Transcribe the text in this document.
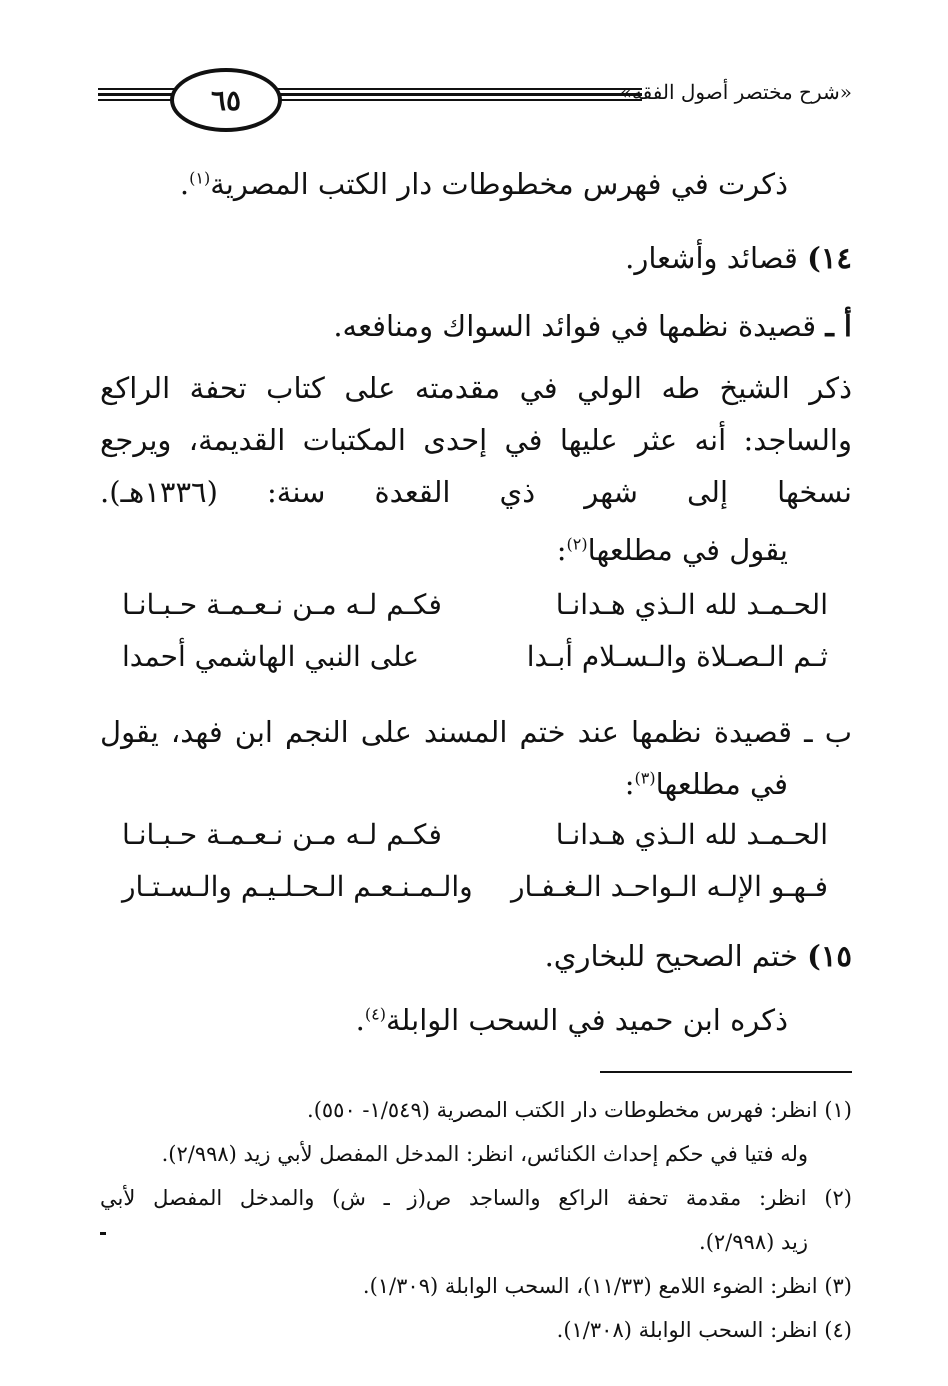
٦٥	«شرح مختصر أصول الفقه»
ذكرت في فهرس مخطوطات دار الكتب المصرية$^{(١)}$.
١٤) قصائد وأشعار.
أ ـ قصيدة نظمها في فوائد السواك ومنافعه.
ذكر الشيخ طه الولي في مقدمته على كتاب تحفة الراكع والساجد: أنه عثر عليها في إحدى المكتبات القديمة، ويرجع نسخها إلى شهر ذي القعدة سنة: (١٣٣٦هـ).
يقول في مطلعها$^{(٢)}$:
الحـمـد لله الـذي هـدانـا
فكـم لـه مـن نـعـمـة حـبـانـا
ثـم الـصـلاة والـسـلام أبـدا
على النبي الهاشمي أحمدا
ب ـ قصيدة نظمها عند ختم المسند على النجم ابن فهد، يقول
في مطلعها$^{(٣)}$:
الحـمـد لله الـذي هـدانـا
فكـم لـه مـن نـعـمـة حـبـانـا
فـهـو الإلـه الـواحـد الـغـفـار
والـمـنـعـم الـحـلـيـم والـسـتـار
١٥) ختم الصحيح للبخاري.
ذكره ابن حميد في السحب الوابلة$^{(٤)}$.
(١) انظر: فهرس مخطوطات دار الكتب المصرية (١/٥٤٩- ٥٥٠).
وله فتيا في حكم إحداث الكنائس، انظر: المدخل المفصل لأبي زيد (٢/٩٩٨).
(٢) انظر: مقدمة تحفة الراكع والساجد ص(ز ـ ش) والمدخل المفصل لأبي
زيد (٢/٩٩٨).
(٣) انظر: الضوء اللامع (١١/٣٣)، السحب الوابلة (١/٣٠٩).
(٤) انظر: السحب الوابلة (١/٣٠٨).
